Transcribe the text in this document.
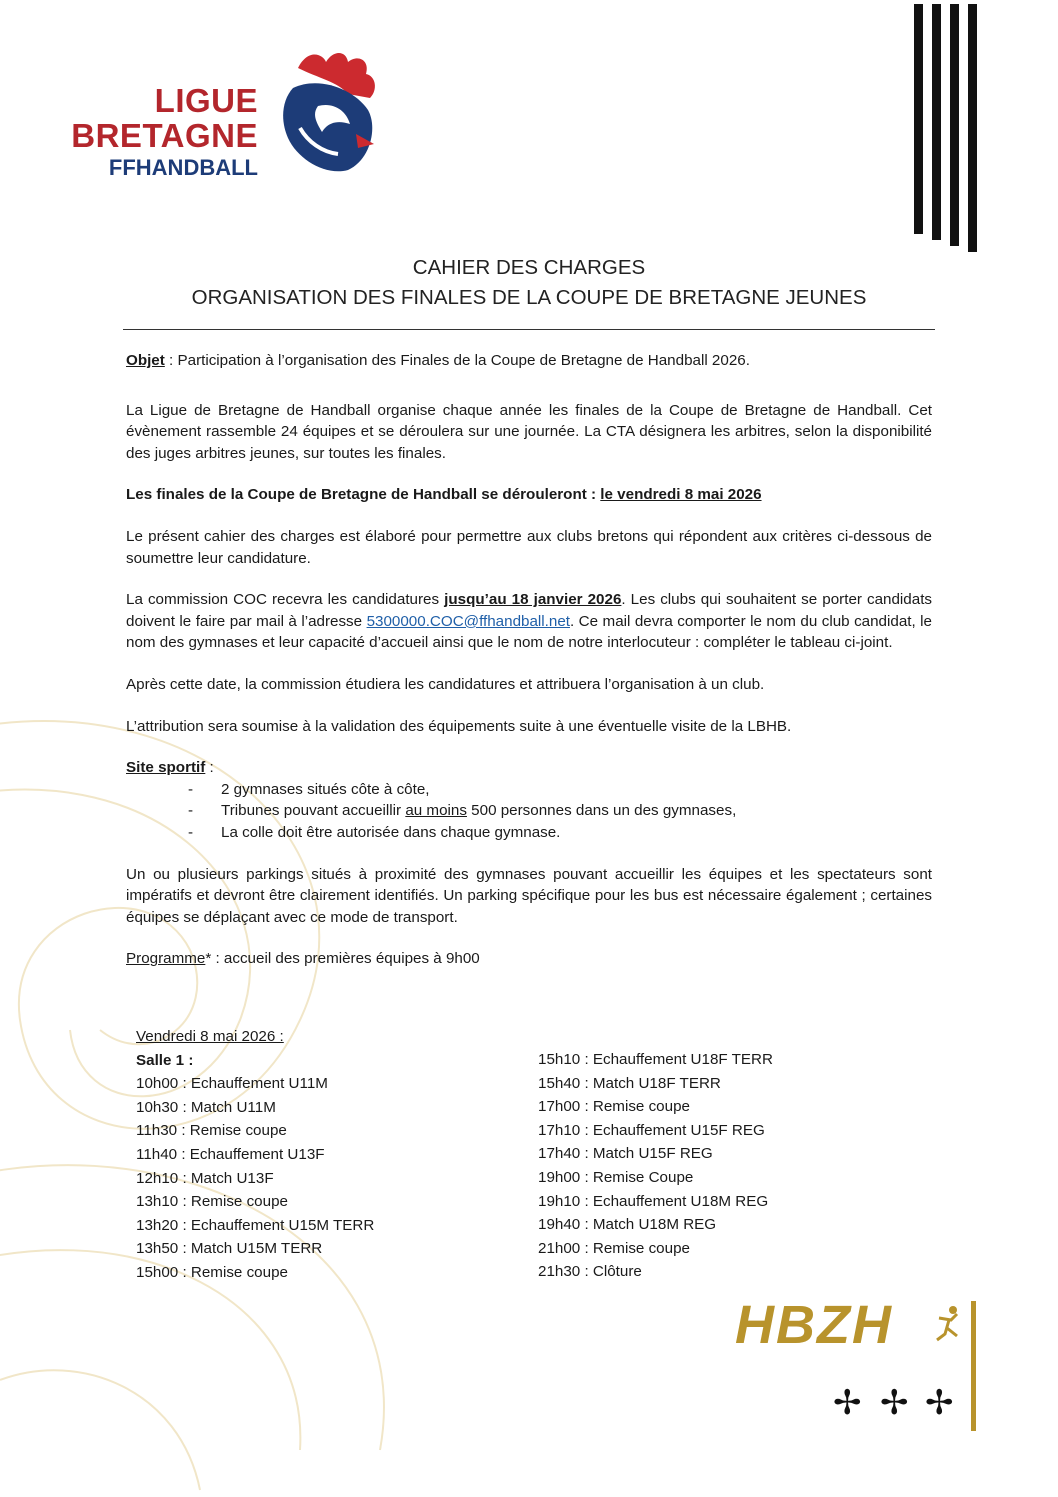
LIGUE
BRETAGNE
FFHANDBALL
CAHIER DES CHARGES
ORGANISATION DES FINALES DE LA COUPE DE BRETAGNE JEUNES

Objet : Participation à l’organisation des Finales de la Coupe de Bretagne de Handball 2026.

La Ligue de Bretagne de Handball organise chaque année les finales de la Coupe de Bretagne de Handball. Cet évènement rassemble 24 équipes et se déroulera sur une journée. La CTA désignera les arbitres, selon la disponibilité des juges arbitres jeunes, sur toutes les finales.

Les finales de la Coupe de Bretagne de Handball se dérouleront : le vendredi 8 mai 2026

Le présent cahier des charges est élaboré pour permettre aux clubs bretons qui répondent aux critères ci-dessous de soumettre leur candidature.

La commission COC recevra les candidatures jusqu’au 18 janvier 2026. Les clubs qui souhaitent se porter candidats doivent le faire par mail à l’adresse 5300000.COC@ffhandball.net. Ce mail devra comporter le nom du club candidat, le nom des gymnases et leur capacité d’accueil ainsi que le nom de notre interlocuteur : compléter le tableau ci-joint.

Après cette date, la commission étudiera les candidatures et attribuera l’organisation à un club.

L’attribution sera soumise à la validation des équipements suite à une éventuelle visite de la LBHB.

Site sportif :

- 2 gymnases situés côte à côte,
- Tribunes pouvant accueillir au moins 500 personnes dans un des gymnases,
- La colle doit être autorisée dans chaque gymnase.

Un ou plusieurs parkings situés à proximité des gymnases pouvant accueillir les équipes et les spectateurs sont impératifs et devront être clairement identifiés. Un parking spécifique pour les bus est nécessaire également ; certaines équipes se déplaçant avec ce mode de transport.

Programme* : accueil des premières équipes à 9h00

Vendredi 8 mai 2026 :
Salle 1 :
10h00 : Echauffement U11M
10h30 : Match U11M
11h30 : Remise coupe
11h40 : Echauffement U13F
12h10 : Match U13F
13h10 : Remise coupe
13h20 : Echauffement U15M TERR
13h50 : Match U15M TERR
15h00 : Remise coupe
15h10 : Echauffement U18F TERR
15h40 : Match U18F TERR
17h00 : Remise coupe
17h10 : Echauffement U15F REG
17h40 : Match U15F REG
19h00 : Remise Coupe
19h10 : Echauffement U18M REG
19h40 : Match U18M REG
21h00 : Remise coupe
21h30 : Clôture
HBZH
✢ ✢ ✢
